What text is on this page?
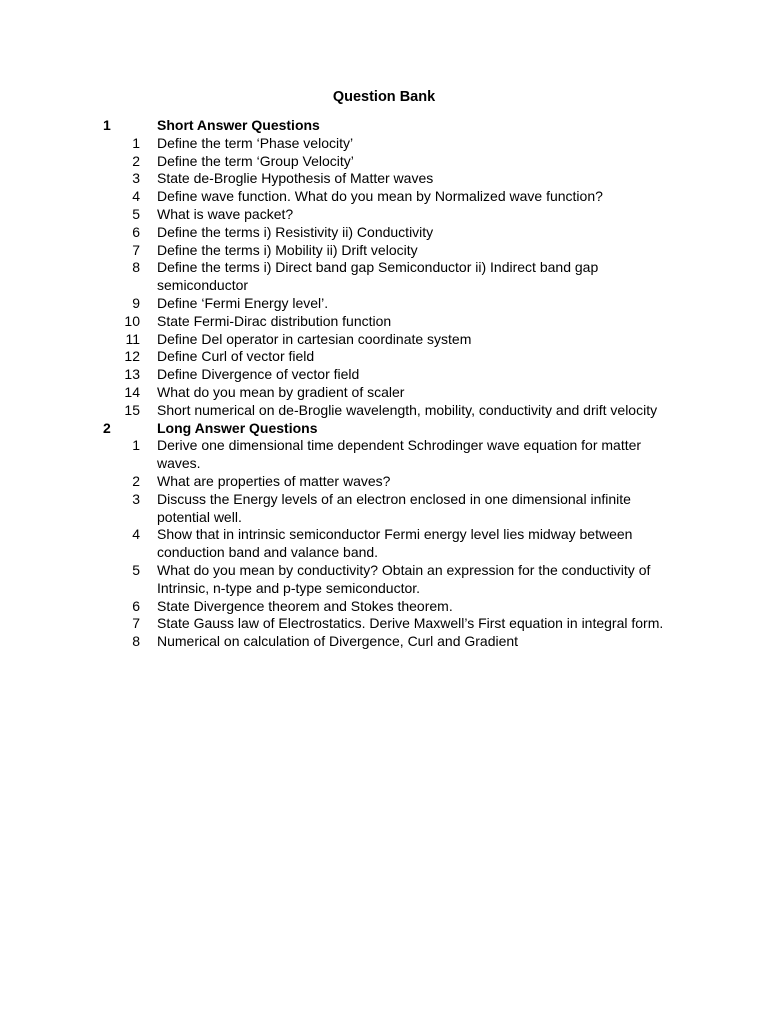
Question Bank
1	Short Answer Questions
1	Define the term ‘Phase velocity’
2	Define the term ‘Group Velocity’
3	State de-Broglie Hypothesis of Matter waves
4	Define wave function. What do you mean by Normalized wave function?
5	What is wave packet?
6	Define the terms i) Resistivity ii) Conductivity
7	Define the terms i) Mobility ii) Drift velocity
8	Define the terms i) Direct band gap Semiconductor ii) Indirect band gap semiconductor
9	Define ‘Fermi Energy level’.
10	State Fermi-Dirac distribution function
11	Define Del operator in cartesian coordinate system
12	Define Curl of vector field
13	Define Divergence of vector field
14	What do you mean by gradient of scaler
15	Short numerical on de-Broglie wavelength, mobility, conductivity and drift velocity
2	Long Answer Questions
1	Derive one dimensional time dependent Schrodinger wave equation for matter waves.
2	What are properties of matter waves?
3	Discuss the Energy levels of an electron enclosed in one dimensional infinite potential well.
4	Show that in intrinsic semiconductor Fermi energy level lies midway between conduction band and valance band.
5	What do you mean by conductivity? Obtain an expression for the conductivity of Intrinsic, n-type and p-type semiconductor.
6	State Divergence theorem and Stokes theorem.
7	State Gauss law of Electrostatics. Derive Maxwell’s First equation in integral form.
8	Numerical on calculation of Divergence, Curl and Gradient
